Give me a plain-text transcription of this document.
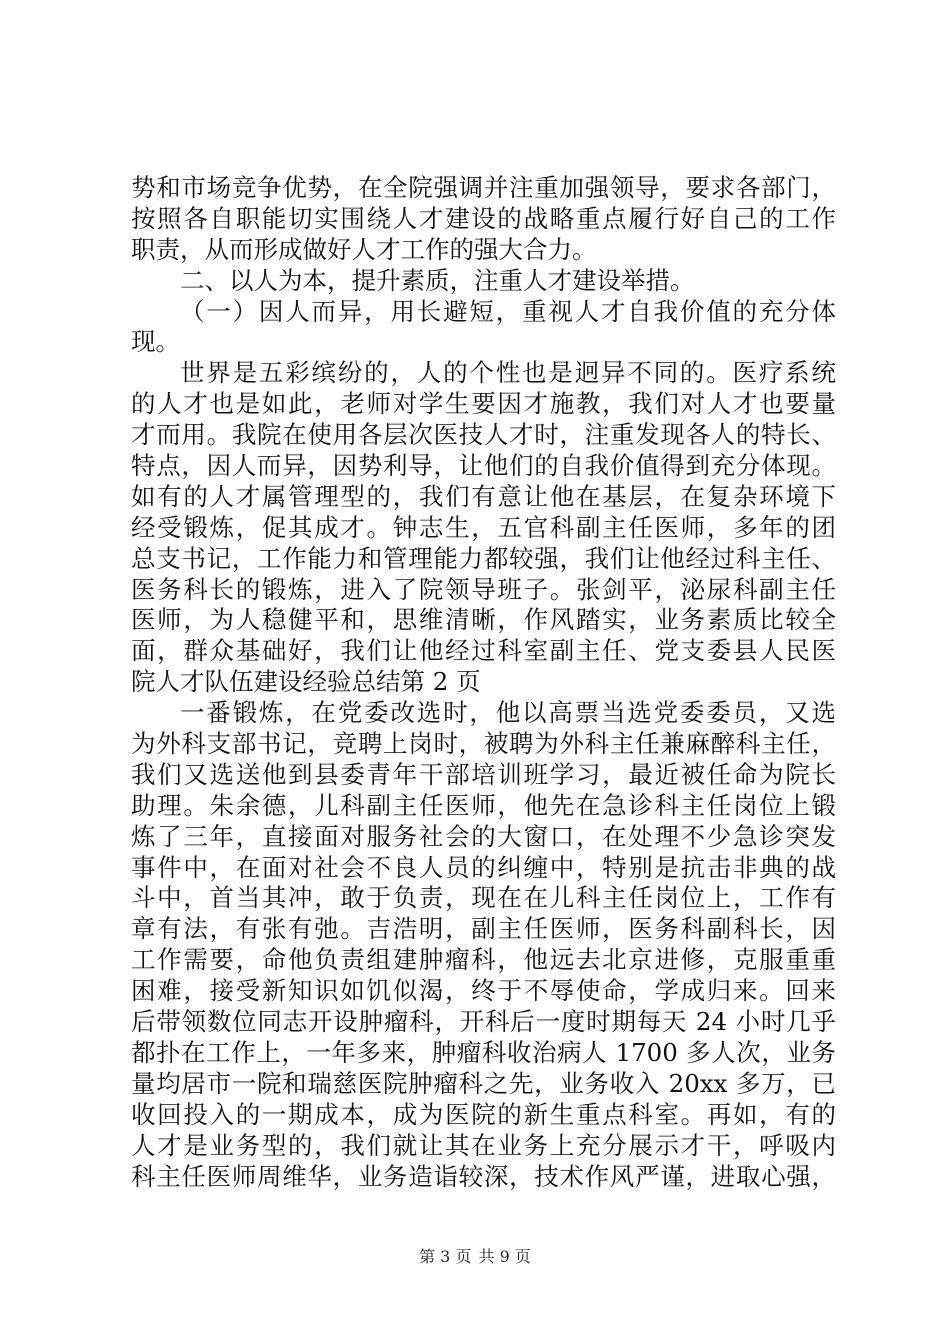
势和市场竞争优势，在全院强调并注重加强领导，要求各部门，
按照各自职能切实围绕人才建设的战略重点履行好自己的工作
职责，从而形成做好人才工作的强大合力。
二、以人为本，提升素质，注重人才建设举措。
（一）因人而异，用长避短，重视人才自我价值的充分体
现。
世界是五彩缤纷的，人的个性也是迥异不同的。医疗系统
的人才也是如此，老师对学生要因才施教，我们对人才也要量
才而用。我院在使用各层次医技人才时，注重发现各人的特长、
特点，因人而异，因势利导，让他们的自我价值得到充分体现。
如有的人才属管理型的，我们有意让他在基层，在复杂环境下
经受锻炼，促其成才。钟志生，五官科副主任医师，多年的团
总支书记，工作能力和管理能力都较强，我们让他经过科主任、
医务科长的锻炼，进入了院领导班子。张剑平，泌尿科副主任
医师，为人稳健平和，思维清晰，作风踏实，业务素质比较全
面，群众基础好，我们让他经过科室副主任、党支委县人民医
院人才队伍建设经验总结第 2 页
一番锻炼，在党委改选时，他以高票当选党委委员，又选
为外科支部书记，竞聘上岗时，被聘为外科主任兼麻醉科主任，
我们又选送他到县委青年干部培训班学习，最近被任命为院长
助理。朱余德，儿科副主任医师，他先在急诊科主任岗位上锻
炼了三年，直接面对服务社会的大窗口，在处理不少急诊突发
事件中，在面对社会不良人员的纠缠中，特别是抗击非典的战
斗中，首当其冲，敢于负责，现在在儿科主任岗位上，工作有
章有法，有张有弛。吉浩明，副主任医师，医务科副科长，因
工作需要，命他负责组建肿瘤科，他远去北京进修，克服重重
困难，接受新知识如饥似渴，终于不辱使命，学成归来。回来
后带领数位同志开设肿瘤科，开科后一度时期每天 24 小时几乎
都扑在工作上，一年多来，肿瘤科收治病人 1700 多人次，业务
量均居市一院和瑞慈医院肿瘤科之先，业务收入 20xx 多万，已
收回投入的一期成本，成为医院的新生重点科室。再如，有的
人才是业务型的，我们就让其在业务上充分展示才干，呼吸内
科主任医师周维华，业务造诣较深，技术作风严谨，进取心强，
第 3 页 共 9 页
